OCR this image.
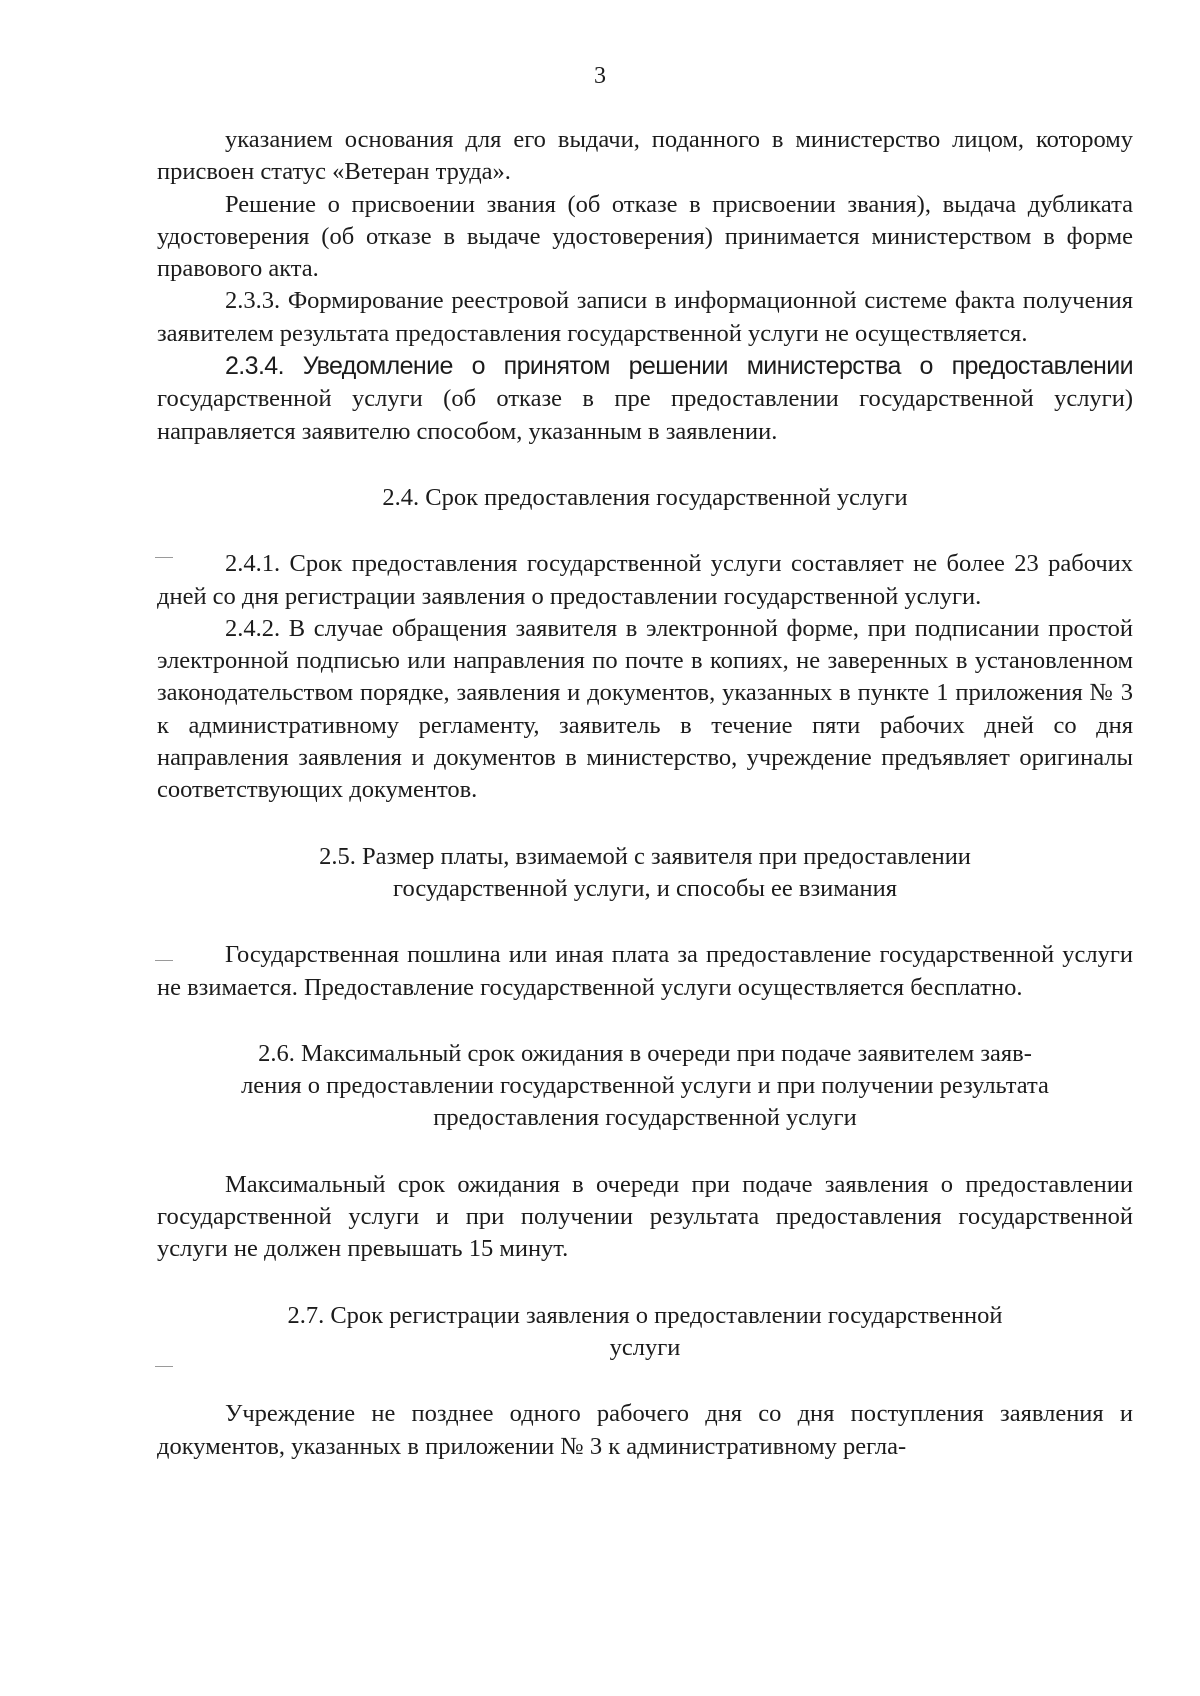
3

указанием основания для его выдачи, поданного в министерство лицом, которому присвоен статус «Ветеран труда».

Решение о присвоении звания (об отказе в присвоении звания), выдача дубликата удостоверения (об отказе в выдаче удостоверения) принимается министерством в форме правового акта.

2.3.3. Формирование реестровой записи в информационной системе факта получения заявителем результата предоставления государственной услуги не осуществляется.

2.3.4. Уведомление о принятом решении министерства о предоставлении государственной услуги (об отказе в пре предоставлении государственной услуги) направляется заявителю способом, указанным в заявлении.

2.4. Срок предоставления государственной услуги

2.4.1. Срок предоставления государственной услуги составляет не более 23 рабочих дней со дня регистрации заявления о предоставлении государственной услуги.

2.4.2. В случае обращения заявителя в электронной форме, при подписании простой электронной подписью или направления по почте в копиях, не заверенных в установленном законодательством порядке, заявления и документов, указанных в пункте 1 приложения № 3 к административному регламенту, заявитель в течение пяти рабочих дней со дня направления заявления и документов в министерство, учреждение предъявляет оригиналы соответствующих документов.

2.5. Размер платы, взимаемой с заявителя при предоставлении
государственной услуги, и способы ее взимания

Государственная пошлина или иная плата за предоставление государственной услуги не взимается. Предоставление государственной услуги осуществляется бесплатно.

2.6. Максимальный срок ожидания в очереди при подаче заявителем заяв-
ления о предоставлении государственной услуги и при получении результата
предоставления государственной услуги

Максимальный срок ожидания в очереди при подаче заявления о предоставлении государственной услуги и при получении результата предоставления государственной услуги не должен превышать 15 минут.

2.7. Срок регистрации заявления о предоставлении государственной
услуги

Учреждение не позднее одного рабочего дня со дня поступления заявления и документов, указанных в приложении № 3 к административному регла-
